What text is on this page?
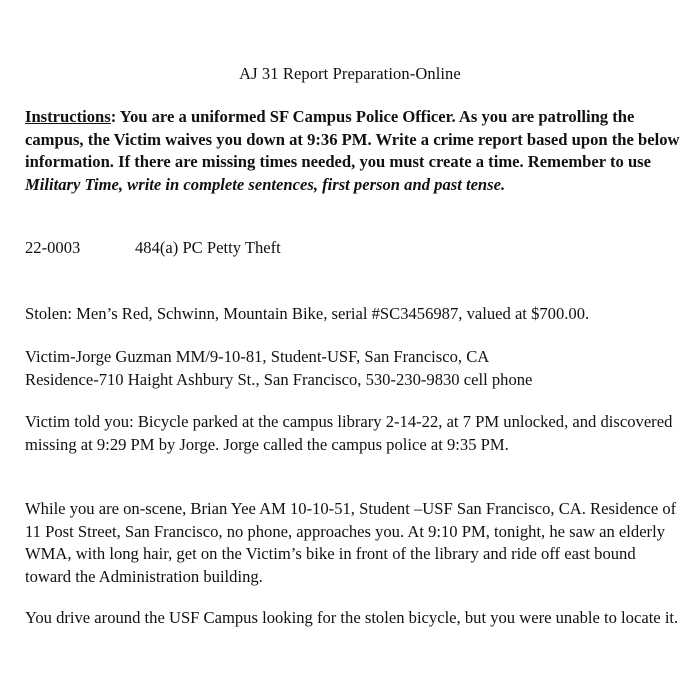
AJ 31 Report Preparation-Online
Instructions: You are a uniformed SF Campus Police Officer. As you are patrolling the campus, the Victim waives you down at 9:36 PM. Write a crime report based upon the below information. If there are missing times needed, you must create a time. Remember to use Military Time, write in complete sentences, first person and past tense.
22-0003	484(a) PC Petty Theft
Stolen: Men’s Red, Schwinn, Mountain Bike, serial #SC3456987, valued at $700.00.
Victim-Jorge Guzman MM/9-10-81, Student-USF, San Francisco, CA
Residence-710 Haight Ashbury St., San Francisco, 530-230-9830 cell phone
Victim told you: Bicycle parked at the campus library 2-14-22, at 7 PM unlocked, and discovered missing at 9:29 PM by Jorge. Jorge called the campus police at 9:35 PM.
While you are on-scene, Brian Yee AM 10-10-51, Student –USF San Francisco, CA. Residence of 11 Post Street, San Francisco, no phone, approaches you. At 9:10 PM, tonight, he saw an elderly WMA, with long hair, get on the Victim’s bike in front of the library and ride off east bound toward the Administration building.
You drive around the USF Campus looking for the stolen bicycle, but you were unable to locate it.
